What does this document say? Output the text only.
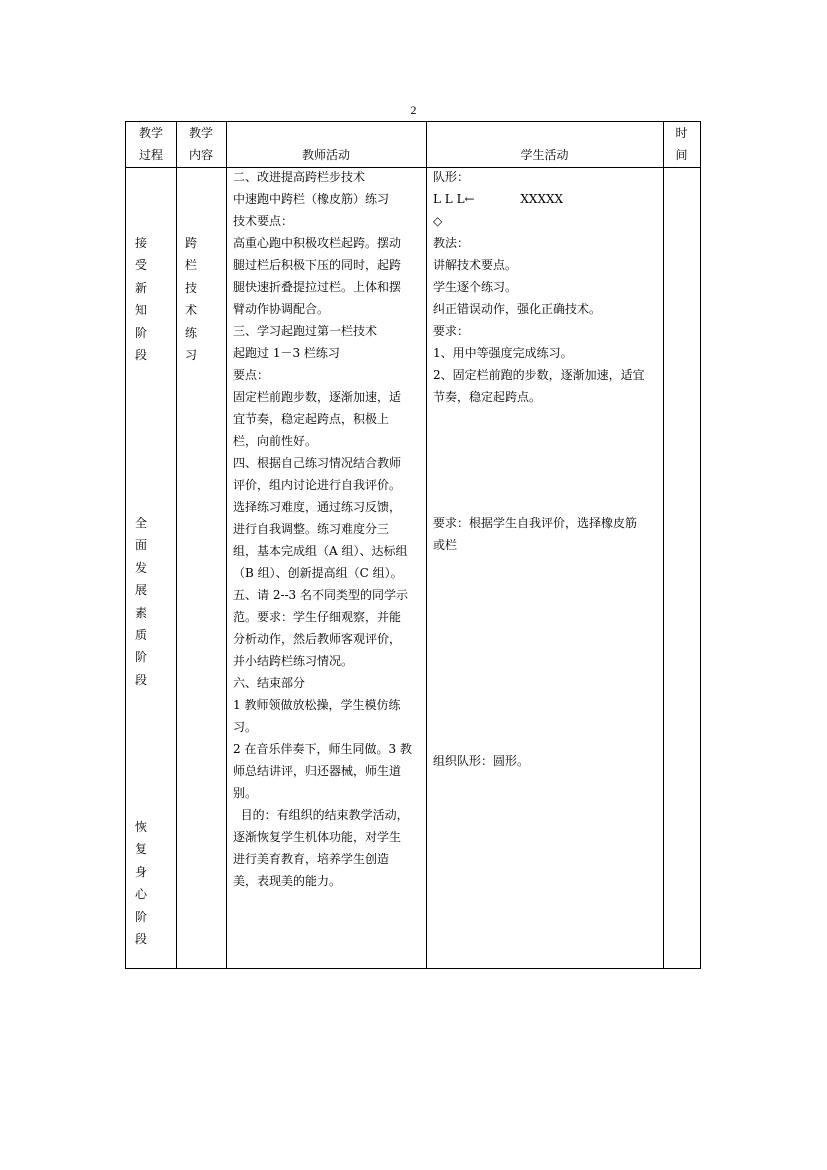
2
教学
过程
教学
内容	教师活动	学生活动
时
间
接
受
新
知
阶
段
全
面
发
展
素
质
阶
段
恢
复
身
心
阶
段
跨
栏
技
术
练
习
二、改进提高跨栏步技术
中速跑中跨栏（橡皮筋）练习
技术要点：
高重心跑中积极攻栏起跨。摆动
腿过栏后积极下压的同时，起跨
腿快速折叠提拉过栏。上体和摆
臂动作协调配合。
三、学习起跑过第一栏技术
起跑过 1－3 栏练习
要点：
固定栏前跑步数，逐渐加速，适
宜节奏，稳定起跨点，积极上
栏，向前性好。
四、根据自己练习情况结合教师
评价，组内讨论进行自我评价。
选择练习难度，通过练习反馈，
进行自我调整。练习难度分三
组，基本完成组（A 组）、达标组
（B 组）、创新提高组（C 组）。
五、请 2--3 名不同类型的同学示
范。要求：学生仔细观察，并能
分析动作，然后教师客观评价，
并小结跨栏练习情况。
六、结束部分
1 教师领做放松操，学生模仿练
习。
2 在音乐伴奏下，师生同做。3 教
师总结讲评，归还器械，师生道
别。
目的：有组织的结束教学活动，
逐渐恢复学生机体功能，对学生
进行美育教育，培养学生创造
美，表现美的能力。
队形：
L L L←            XXXXX
◇
教法：
讲解技术要点。
学生逐个练习。
纠正错误动作，强化正确技术。
要求：
1、用中等强度完成练习。
2、固定栏前跑的步数，逐渐加速，适宜
节奏，稳定起跨点。
要求：根据学生自我评价，选择橡皮筋
或栏
组织队形：圆形。
